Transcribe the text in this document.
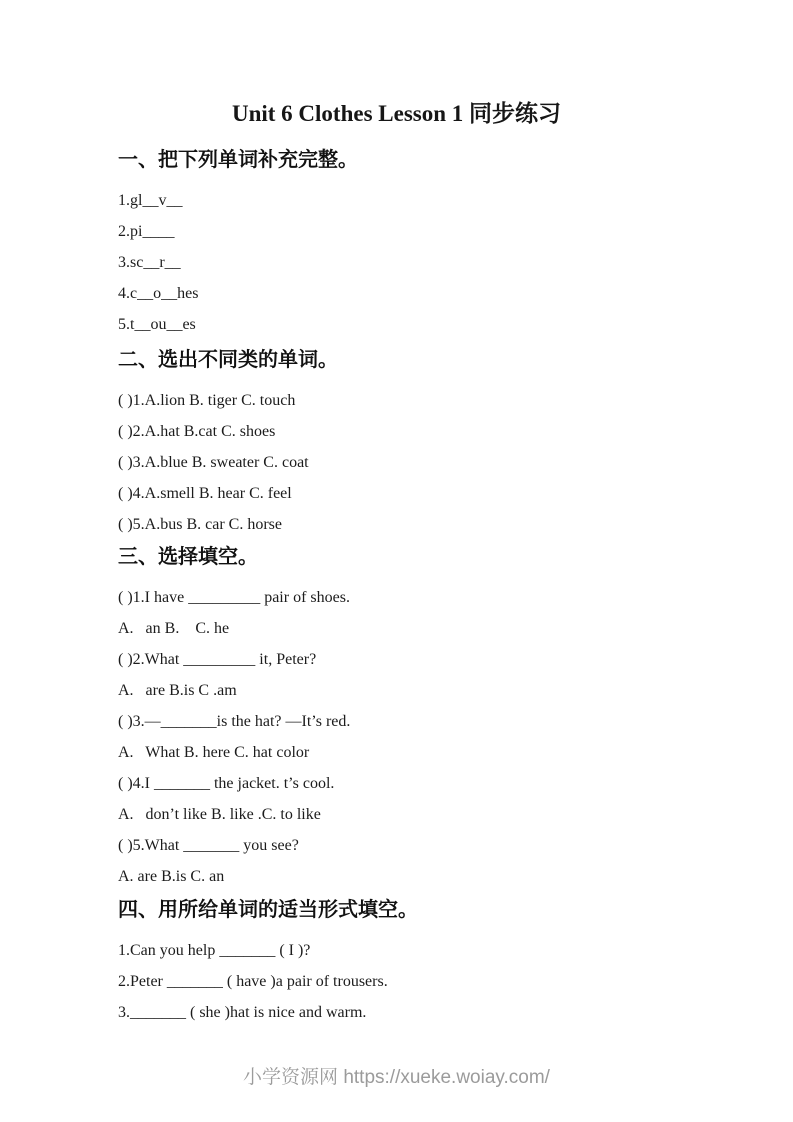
Unit 6 Clothes Lesson 1 同步练习
一、把下列单词补充完整。

1.gl__v__

2.pi____

3.sc__r__

4.c__o__hes

5.t__ou__es

二、选出不同类的单词。

( )1.A.lion B. tiger C. touch

( )2.A.hat B.cat C. shoes

( )3.A.blue B. sweater C. coat

( )4.A.smell B. hear C. feel

( )5.A.bus B. car C. horse

三、选择填空。

( )1.I have _________ pair of shoes.

A.   an B.    C. he

( )2.What _________ it, Peter?

A.   are B.is C .am

( )3.—_______is the hat? —It’s red.

A.   What B. here C. hat color

( )4.I _______ the jacket. t’s cool.

A.   don’t like B. like .C. to like

( )5.What _______ you see?

A. are B.is C. an

四、用所给单词的适当形式填空。

1.Can you help _______ ( I )?

2.Peter _______ ( have )a pair of trousers.

3._______ ( she )hat is nice and warm.

小学资源网 https://xueke.woiay.com/
